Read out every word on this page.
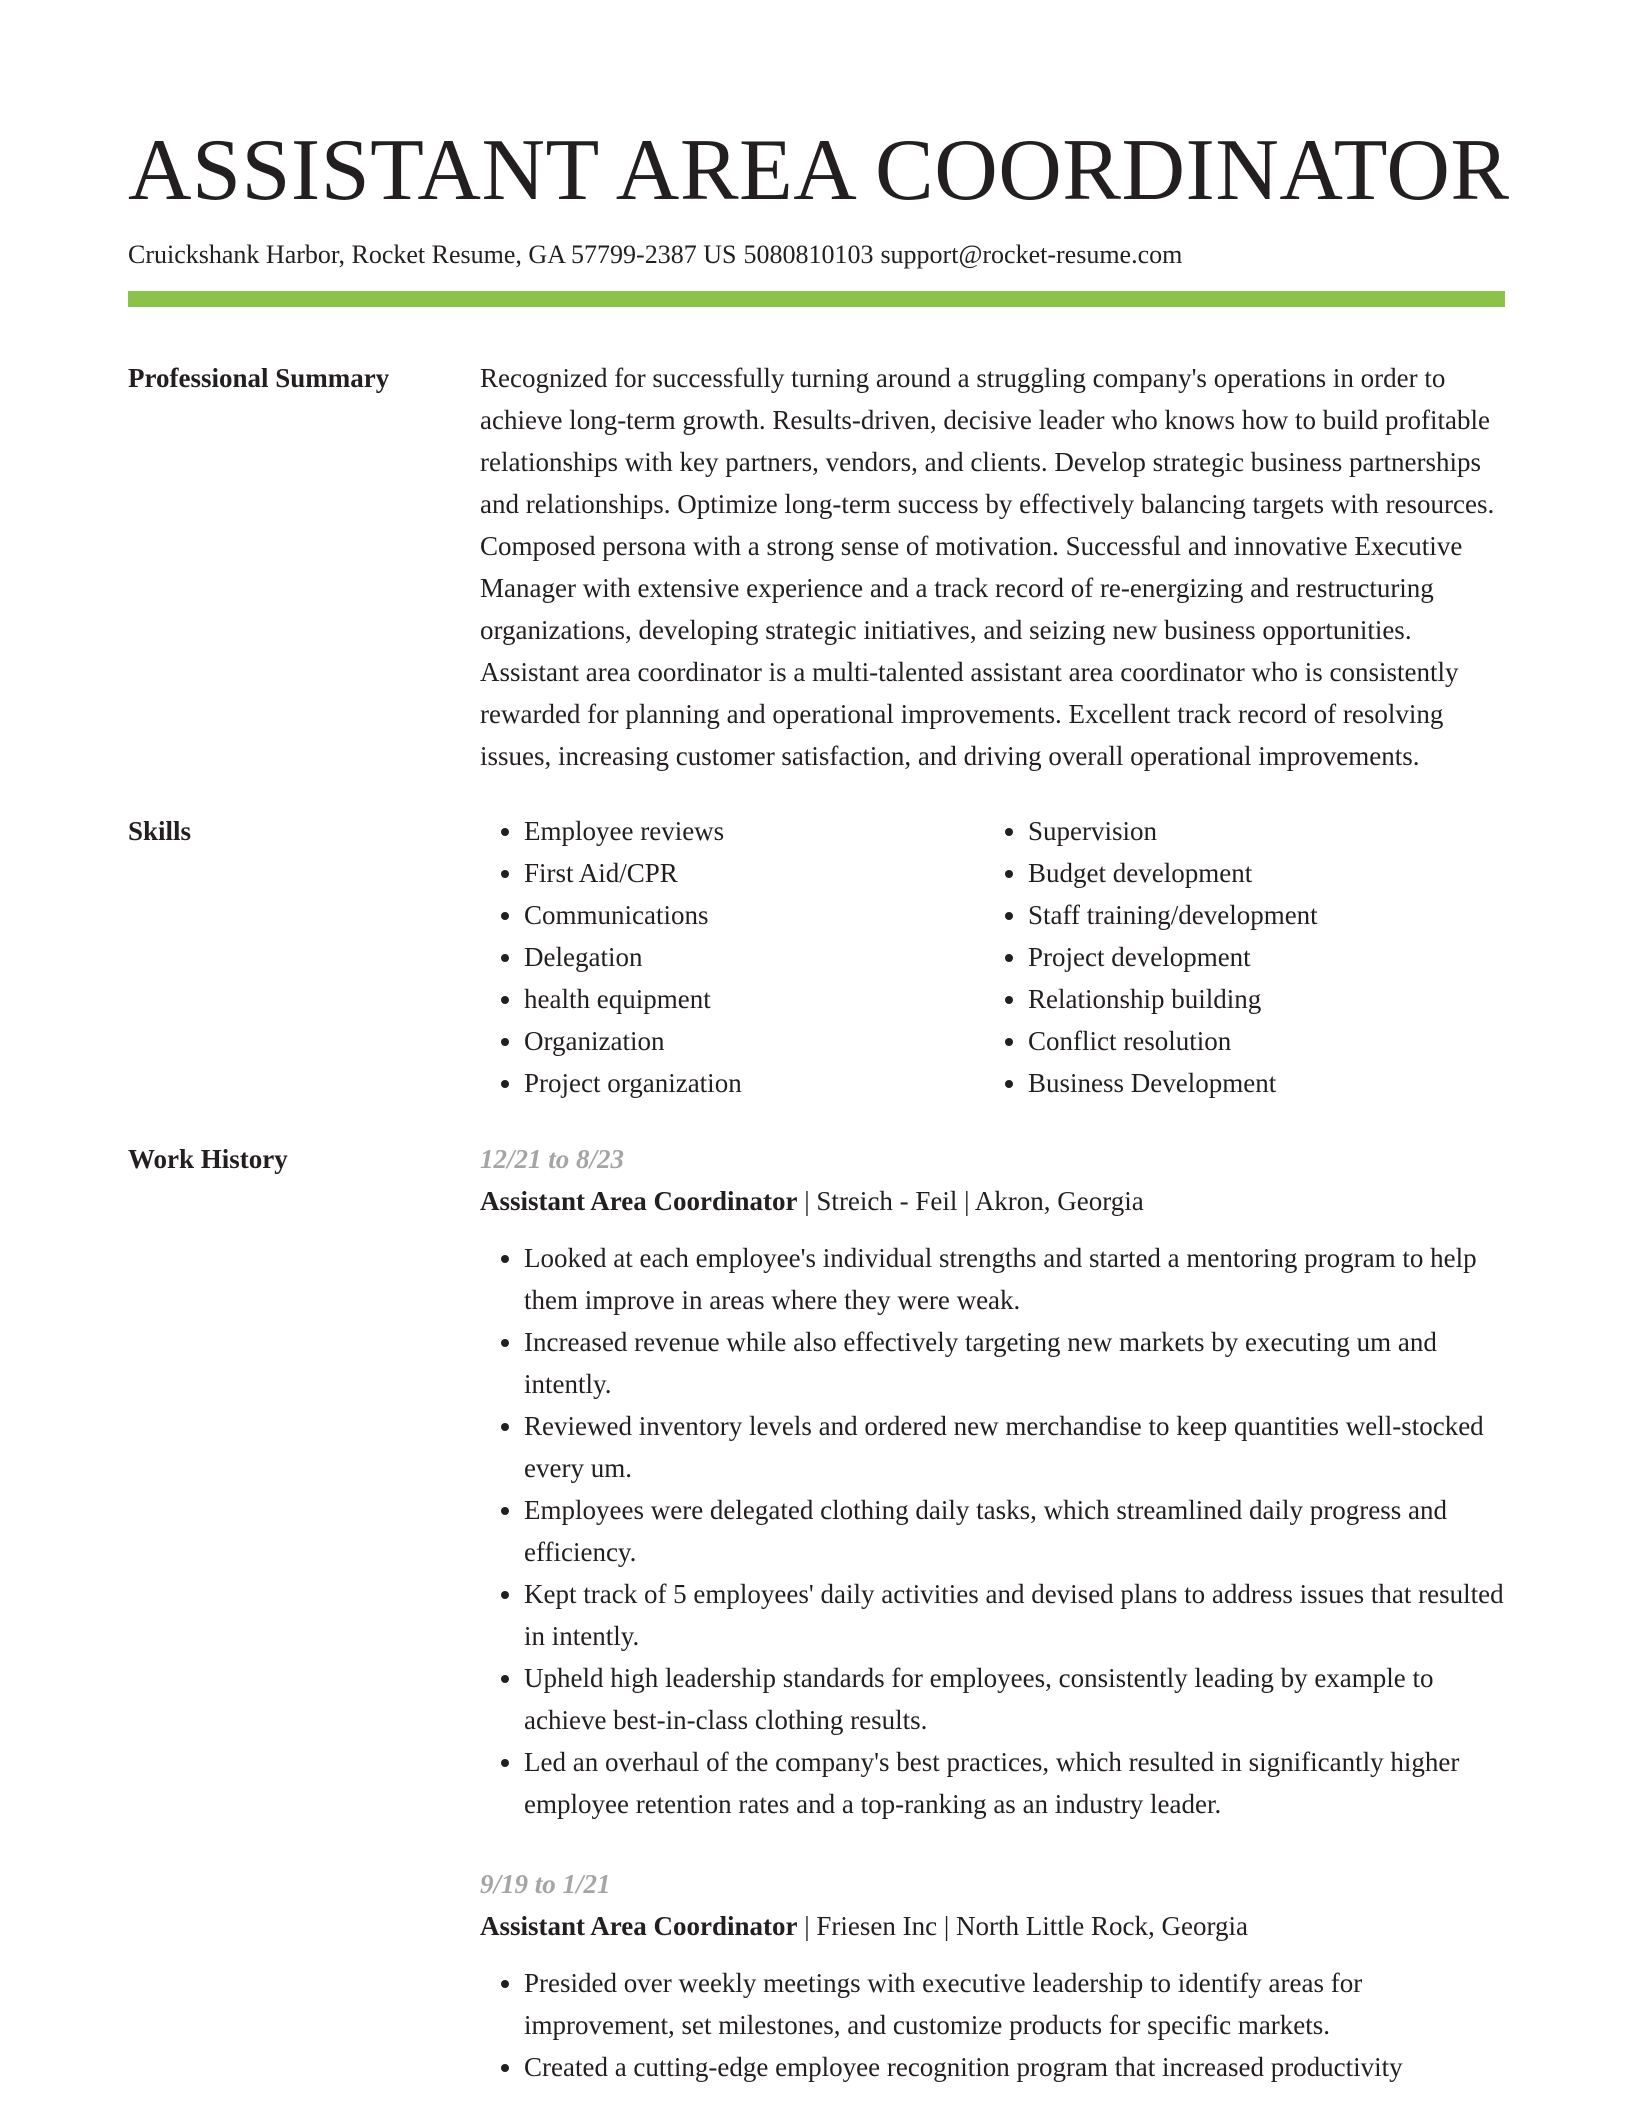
ASSISTANT AREA COORDINATOR
Cruickshank Harbor, Rocket Resume, GA 57799-2387 US 5080810103 support@rocket-resume.com
Professional Summary	Recognized for successfully turning around a struggling company's operations in order to achieve long-term growth. Results-driven, decisive leader who knows how to build profitable relationships with key partners, vendors, and clients. Develop strategic business partnerships and relationships. Optimize long-term success by effectively balancing targets with resources. Composed persona with a strong sense of motivation. Successful and innovative Executive Manager with extensive experience and a track record of re-energizing and restructuring organizations, developing strategic initiatives, and seizing new business opportunities. Assistant area coordinator is a multi-talented assistant area coordinator who is consistently rewarded for planning and operational improvements. Excellent track record of resolving issues, increasing customer satisfaction, and driving overall operational improvements.

Skills
•	Employee reviews
• First Aid/CPR
• Communications
• Delegation
• health equipment
• Organization
• Project organization
• Supervision
• Budget development
• Staff training/development
• Project development
• Relationship building
• Conflict resolution
• Business Development
Work History	12/21 to 8/23
Assistant Area Coordinator | Streich - Feil | Akron, Georgia
• Looked at each employee's individual strengths and started a mentoring program to help them improve in areas where they were weak.
• Increased revenue while also effectively targeting new markets by executing um and intently.
• Reviewed inventory levels and ordered new merchandise to keep quantities well-stocked every um.
• Employees were delegated clothing daily tasks, which streamlined daily progress and efficiency.
• Kept track of 5 employees' daily activities and devised plans to address issues that resulted in intently.
• Upheld high leadership standards for employees, consistently leading by example to achieve best-in-class clothing results.
• Led an overhaul of the company's best practices, which resulted in significantly higher employee retention rates and a top-ranking as an industry leader.
9/19 to 1/21
Assistant Area Coordinator | Friesen Inc | North Little Rock, Georgia
• Presided over weekly meetings with executive leadership to identify areas for improvement, set milestones, and customize products for specific markets.
• Created a cutting-edge employee recognition program that increased productivity
